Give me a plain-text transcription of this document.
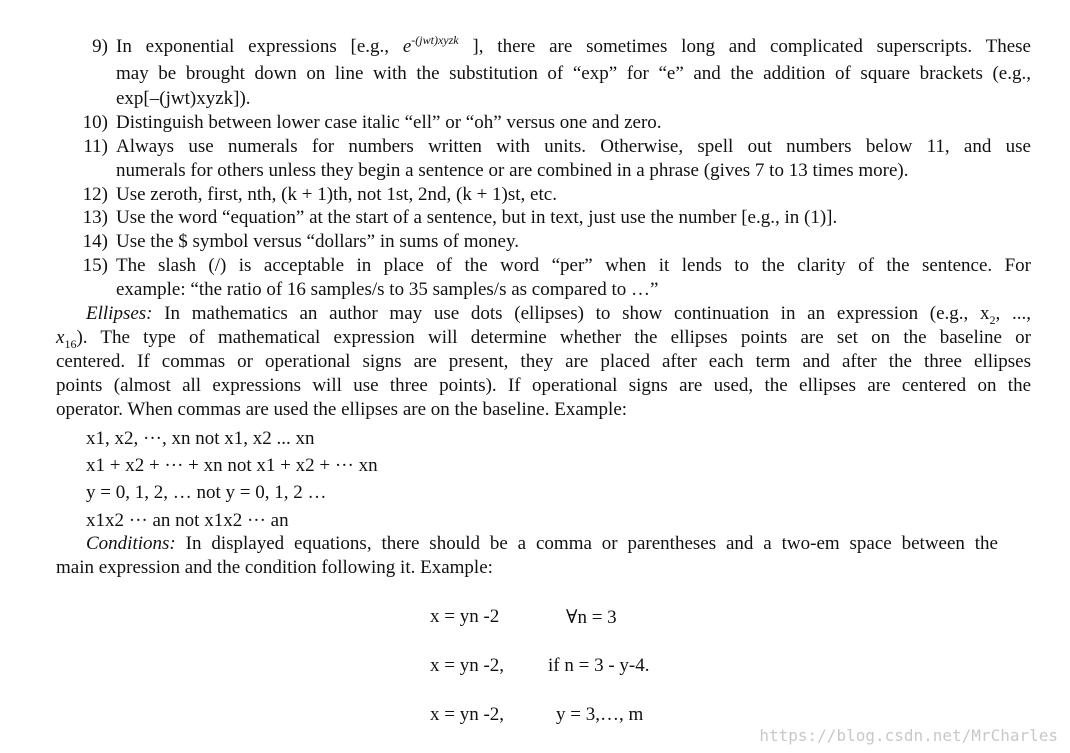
9) In exponential expressions [e.g., $e^{-(jwt)xyzk}$ ], there are sometimes long and complicated superscripts. These
may be brought down on line with the substitution of “exp” for “e” and the addition of square brackets (e.g.,
exp[–(jwt)xyzk]).
10) Distinguish between lower case italic “ell” or “oh” versus one and zero.
11) Always use numerals for numbers written with units. Otherwise, spell out numbers below 11, and use
numerals for others unless they begin a sentence or are combined in a phrase (gives 7 to 13 times more).
12) Use zeroth, first, nth, (k + 1)th, not 1st, 2nd, (k + 1)st, etc.
13) Use the word “equation” at the start of a sentence, but in text, just use the number [e.g., in (1)].
14) Use the $ symbol versus “dollars” in sums of money.
15) The slash (/) is acceptable in place of the word “per” when it lends to the clarity of the sentence. For
example: “the ratio of 16 samples/s to 35 samples/s as compared to …”
Ellipses: In mathematics an author may use dots (ellipses) to show continuation in an expression (e.g., $x_2$, ...,
$x_{16}$). The type of mathematical expression will determine whether the ellipses points are set on the baseline or
centered. If commas or operational signs are present, they are placed after each term and after the three ellipses
points (almost all expressions will use three points). If operational signs are used, the ellipses are centered on the
operator. When commas are used the ellipses are on the baseline. Example:
x1, x2, ···, xn not x1, x2 ... xn
x1 + x2 + ··· + xn not x1 + x2 + ··· xn
y = 0, 1, 2, … not y = 0, 1, 2 …
x1x2 ··· an not x1x2 ··· an
Conditions: In displayed equations, there should be a comma or parentheses and a two-em space between the
main expression and the condition following it. Example:
x = yn -2	∀n = 3
x = yn -2, if n = 3 - y-4.
x = yn -2,	y = 3,…, m
https://blog.csdn.net/MrCharles
